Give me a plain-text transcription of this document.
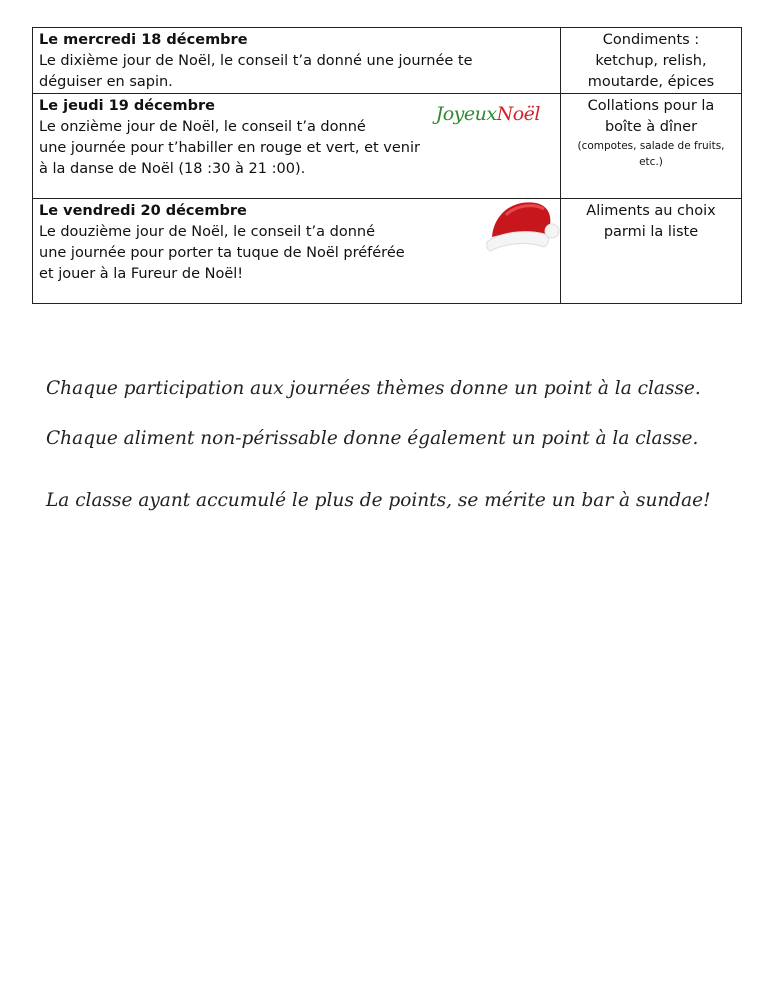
Le mercredi 18 décembre
Le dixième jour de Noël, le conseil t’a donné une journée te
déguiser en sapin.	Condiments :
ketchup, relish,
moutarde, épices

Le jeudi 19 décembre
Le onzième jour de Noël, le conseil t’a donné
une journée pour t’habiller en rouge et vert, et venir
à la danse de Noël (18 :30 à 21 :00).
JoyeuxNoël	Collations pour la
boîte à dîner
(compotes, salade de fruits,
etc.)

Le vendredi 20 décembre
Le douzième jour de Noël, le conseil t’a donné
une journée pour porter ta tuque de Noël préférée
et jouer à la Fureur de Noël!	Aliments au choix
parmi la liste

Chaque participation aux journées thèmes donne un point à la classe.

Chaque aliment non-périssable donne également un point à la classe.

La classe ayant accumulé le plus de points, se mérite un bar à sundae!
